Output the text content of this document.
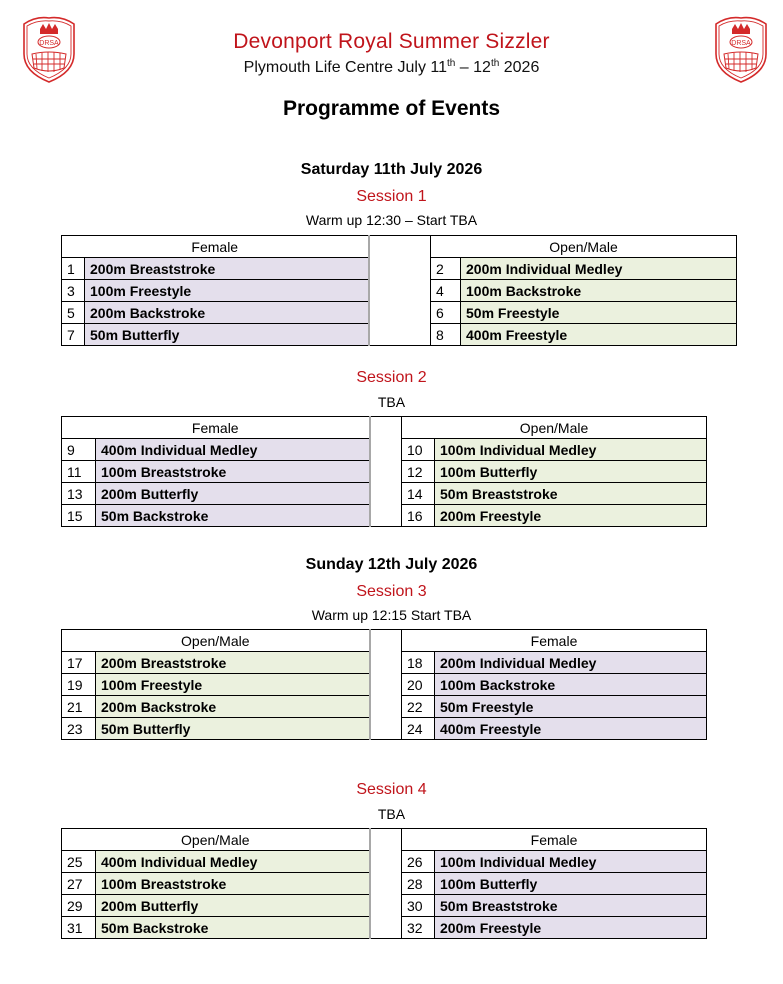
DRSA	DRSA
Devonport Royal Summer Sizzler
Plymouth Life Centre July 11th – 12th 2026
Programme of Events
Saturday 11th July 2026
Session 1
Warm up 12:30 – Start TBA
Female			Open/Male	
1	200m Breaststroke		2	200m Individual Medley
3	100m Freestyle		4	100m Backstroke
5	200m Backstroke		6	50m Freestyle
7	50m Butterfly		8	400m Freestyle
Session 2
TBA
Female			Open/Male	
9	400m Individual Medley		10	100m Individual Medley
11	100m Breaststroke		12	100m Butterfly
13	200m Butterfly		14	50m Breaststroke
15	50m Backstroke		16	200m Freestyle
Session 3
Warm up 12:15 Start TBA
Open/Male			Female	
17	200m Breaststroke		18	200m Individual Medley
19	100m Freestyle		20	100m Backstroke
21	200m Backstroke		22	50m Freestyle
23	50m Butterfly		24	400m Freestyle
Session 4
TBA
Open/Male			Female	
25	400m Individual Medley		26	100m Individual Medley
27	100m Breaststroke		28	100m Butterfly
29	200m Butterfly		30	50m Breaststroke
31	50m Backstroke		32	200m Freestyle
Sunday 12th July 2026
